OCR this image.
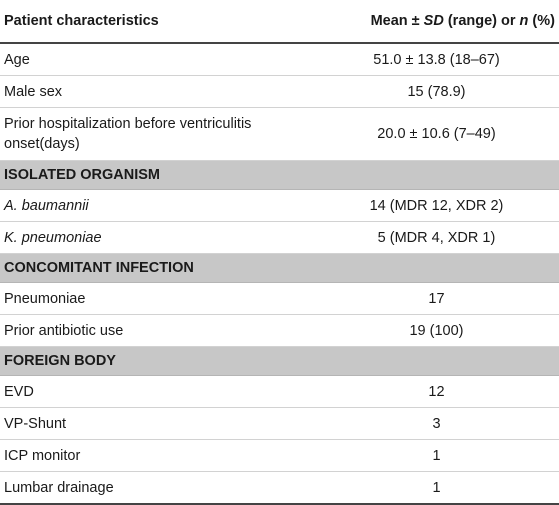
Patient characteristics	Mean ± SD (range) or n (%)
Age	51.0 ± 13.8 (18–67)
Male sex	15 (78.9)
Prior hospitalization before ventriculitis onset(days)	20.0 ± 10.6 (7–49)
ISOLATED ORGANISM	
A. baumannii	14 (MDR 12, XDR 2)
K. pneumoniae	5 (MDR 4, XDR 1)
CONCOMITANT INFECTION	
Pneumoniae	17
Prior antibiotic use	19 (100)
FOREIGN BODY	
EVD	12
VP-Shunt	3
ICP monitor	1
Lumbar drainage	1
